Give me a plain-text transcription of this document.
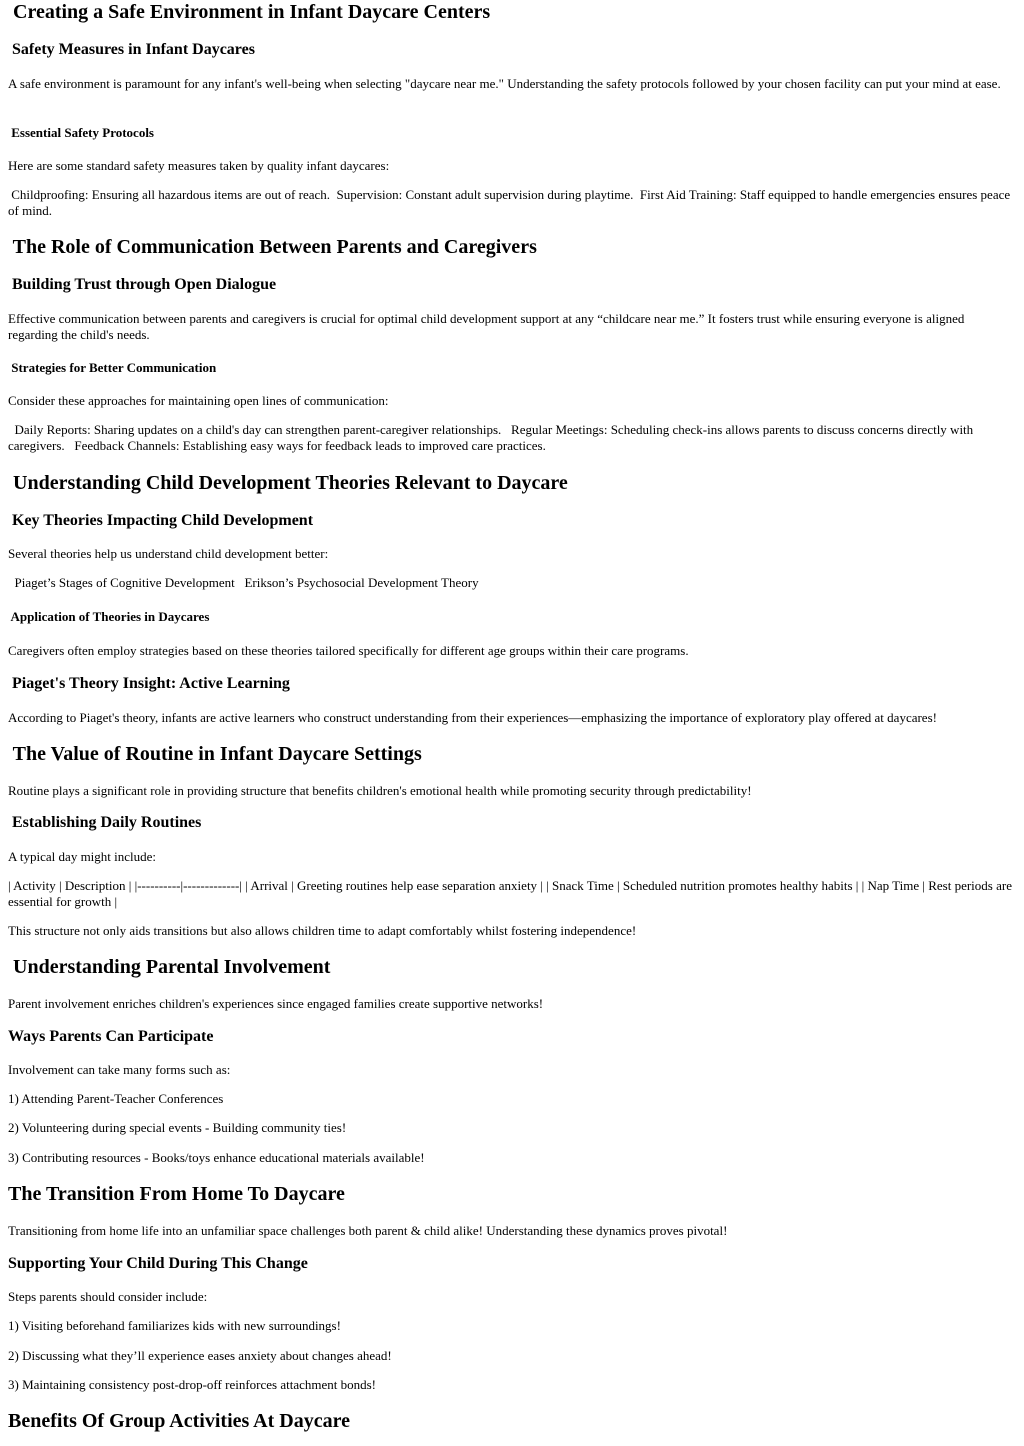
Creating a Safe Environment in Infant Daycare Centers
Safety Measures in Infant Daycares

A safe environment is paramount for any infant's well-being when selecting "daycare near me." Understanding the safety protocols followed by your chosen facility can put your mind at ease.

Essential Safety Protocols

Here are some standard safety measures taken by quality infant daycares:

Childproofing: Ensuring all hazardous items are out of reach.  Supervision: Constant adult supervision during playtime.  First Aid Training: Staff equipped to handle emergencies ensures peace of mind.

The Role of Communication Between Parents and Caregivers
Building Trust through Open Dialogue

Effective communication between parents and caregivers is crucial for optimal child development support at any “childcare near me.” It fosters trust while ensuring everyone is aligned regarding the child's needs.

Strategies for Better Communication

Consider these approaches for maintaining open lines of communication:

Daily Reports: Sharing updates on a child's day can strengthen parent-caregiver relationships.   Regular Meetings: Scheduling check-ins allows parents to discuss concerns directly with caregivers.   Feedback Channels: Establishing easy ways for feedback leads to improved care practices.

Understanding Child Development Theories Relevant to Daycare
Key Theories Impacting Child Development

Several theories help us understand child development better:

Piaget’s Stages of Cognitive Development   Erikson’s Psychosocial Development Theory

Application of Theories in Daycares

Caregivers often employ strategies based on these theories tailored specifically for different age groups within their care programs.

Piaget's Theory Insight: Active Learning

According to Piaget's theory, infants are active learners who construct understanding from their experiences—emphasizing the importance of exploratory play offered at daycares!

The Value of Routine in Infant Daycare Settings

Routine plays a significant role in providing structure that benefits children's emotional health while promoting security through predictability!

Establishing Daily Routines

A typical day might include:

| Activity | Description | |----------|-------------| | Arrival | Greeting routines help ease separation anxiety | | Snack Time | Scheduled nutrition promotes healthy habits | | Nap Time | Rest periods are essential for growth |

This structure not only aids transitions but also allows children time to adapt comfortably whilst fostering independence!

Understanding Parental Involvement

Parent involvement enriches children's experiences since engaged families create supportive networks!

Ways Parents Can Participate

Involvement can take many forms such as:

1) Attending Parent-Teacher Conferences

2) Volunteering during special events - Building community ties!

3) Contributing resources - Books/toys enhance educational materials available!

The Transition From Home To Daycare

Transitioning from home life into an unfamiliar space challenges both parent & child alike! Understanding these dynamics proves pivotal!

Supporting Your Child During This Change

Steps parents should consider include:

1) Visiting beforehand familiarizes kids with new surroundings!

2) Discussing what they’ll experience eases anxiety about changes ahead!

3) Maintaining consistency post-drop-off reinforces attachment bonds!

Benefits Of Group Activities At Daycare
